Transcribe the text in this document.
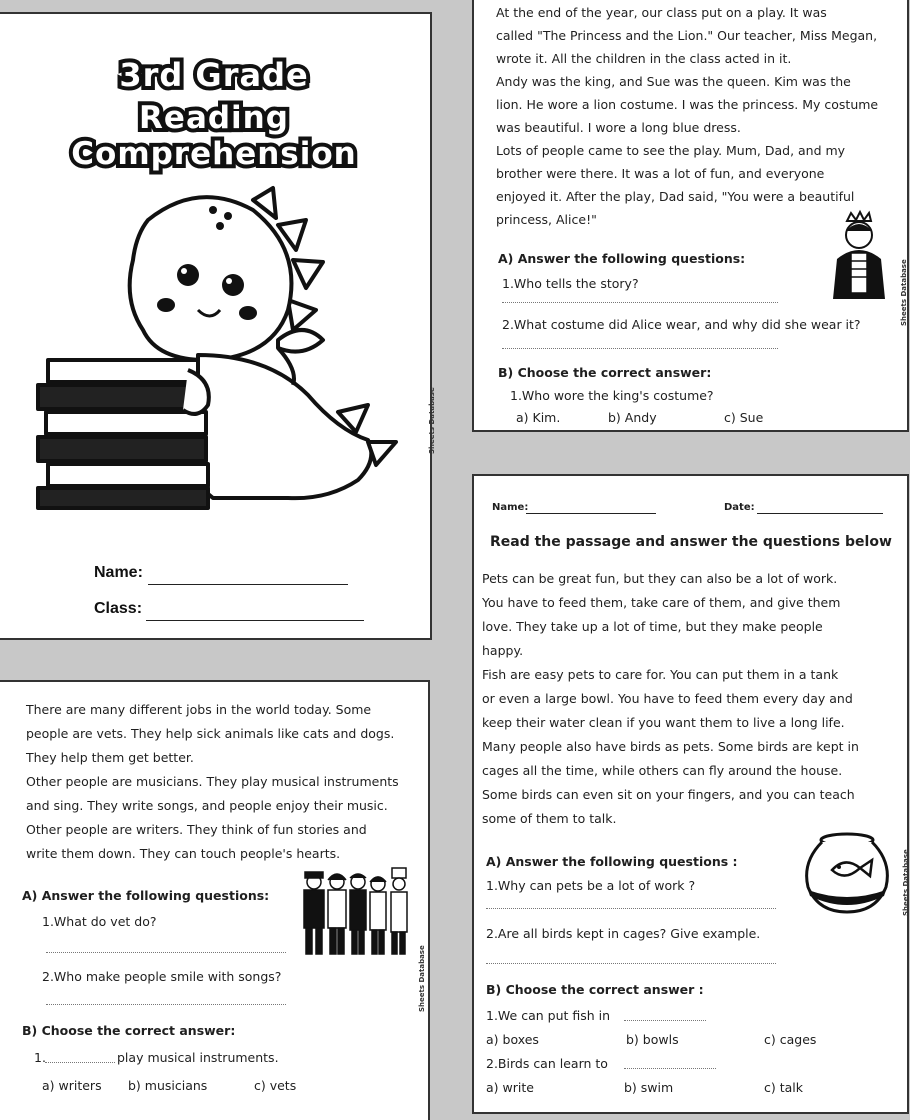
3rd Grade
Reading Comprehension
Sheets Database
Name:
Class:
At the end of the year, our class put on a play. It was
called "The Princess and the Lion." Our teacher, Miss Megan,
wrote it. All the children in the class acted in it.
Andy was the king, and Sue was the queen. Kim was the
lion. He wore a lion costume. I was the princess. My costume
was beautiful. I wore a long blue dress.
Lots of people came to see the play. Mum, Dad, and my
brother were there. It was a lot of fun, and everyone
enjoyed it. After the play, Dad said, "You were a beautiful
princess, Alice!"
A) Answer the following questions:
1.Who tells the story?
2.What costume did Alice wear, and why did she wear it?
B) Choose the correct answer:
1.Who wore the king's costume?
a) Kim.	b) Andy	c) Sue
Sheets Database
Name:	Date:
Read the passage and answer the questions below
Pets can be great fun, but they can also be a lot of work.
You have to feed them, take care of them, and give them
love. They take up a lot of time, but they make people
happy.
Fish are easy pets to care for. You can put them in a tank
or even a large bowl. You have to feed them every day and
keep their water clean if you want them to live a long life.
Many people also have birds as pets. Some birds are kept in
cages all the time, while others can fly around the house.
Some birds can even sit on your fingers, and you can teach
some of them to talk.
A) Answer the following questions :
1.Why can pets be a lot of work ?
2.Are all birds kept in cages? Give example.
B) Choose the correct answer :
1.We can put fish in
a) boxes	b) bowls	c) cages
2.Birds can learn to
a) write	b) swim	c) talk
Sheets Database
There are many different jobs in the world today. Some
people are vets. They help sick animals like cats and dogs.
They help them get better.
Other people are musicians. They play musical instruments
and sing. They write songs, and people enjoy their music.
Other people are writers. They think of fun stories and
write them down. They can touch people's hearts.
A) Answer the following questions:
1.What do vet do?
2.Who make people smile with songs?
B) Choose the correct answer:
1.	play musical instruments.
a) writers b) musicians	c) vets
Sheets Database
